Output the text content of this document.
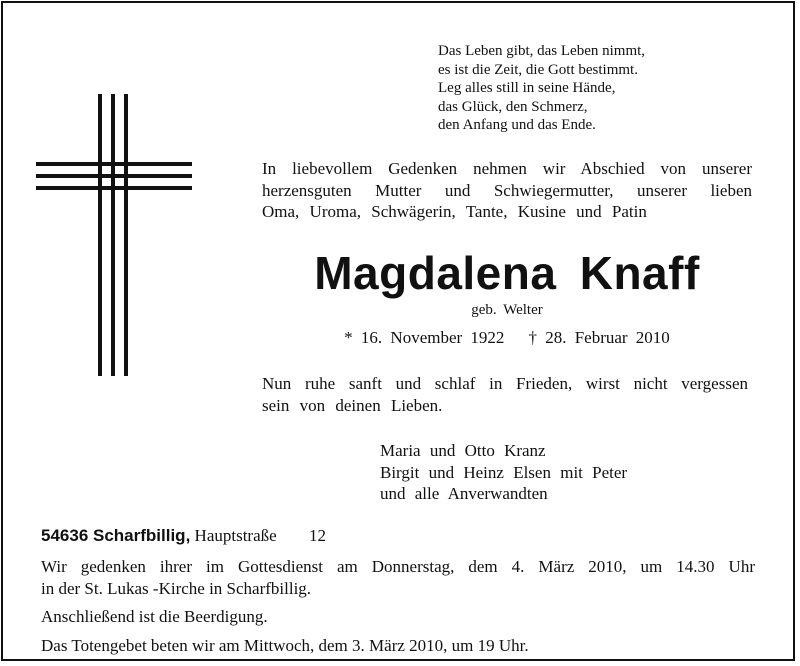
Das Leben gibt, das Leben nimmt,
es ist die Zeit, die Gott bestimmt.
Leg alles still in seine Hände,
das Glück, den Schmerz,
den Anfang und das Ende.
In liebevollem Gedenken nehmen wir Abschied von unserer
herzensguten Mutter und Schwiegermutter, unserer lieben
Oma, Uroma, Schwägerin, Tante, Kusine und Patin
Magdalena Knaff
geb. Welter
* 16. November 1922 † 28. Februar 2010
Nun ruhe sanft und schlaf in Frieden, wirst nicht vergessen
sein von deinen Lieben.
Maria und Otto Kranz
Birgit und Heinz Elsen mit Peter
und alle Anverwandten
54636 Scharfbillig, Hauptstraße 12
Wir gedenken ihrer im Gottesdienst am Donnerstag, dem 4. März 2010, um 14.30 Uhr
in der St. Lukas -Kirche in Scharfbillig.
Anschließend ist die Beerdigung.
Das Totengebet beten wir am Mittwoch, dem 3. März 2010, um 19 Uhr.
